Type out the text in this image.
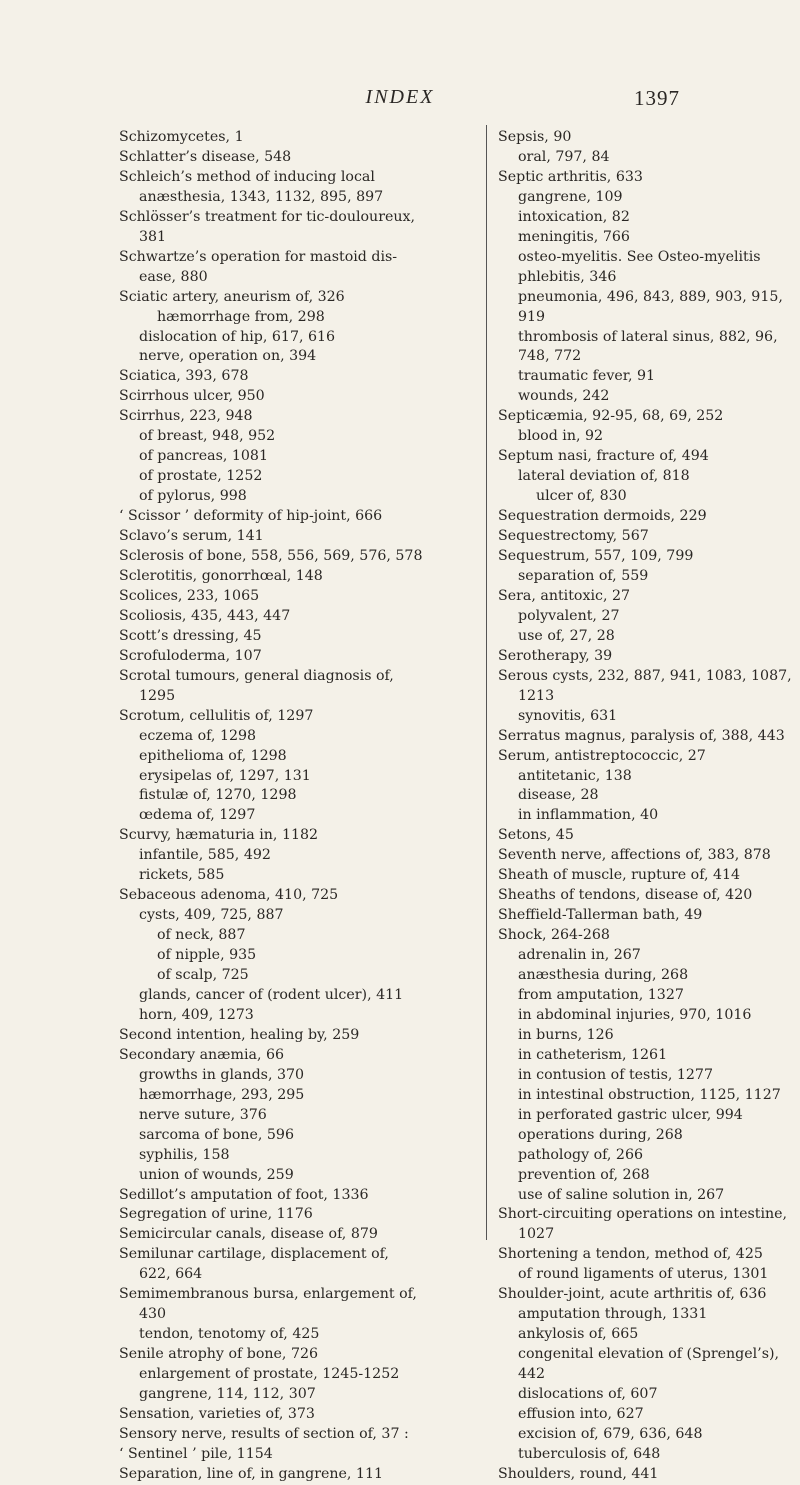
INDEX	1397
Schizomycetes, 1
Schlatter’s disease, 548
Schleich’s method of inducing local
anæsthesia, 1343, 1132, 895, 897
Schlösser’s treatment for tic-douloureux,
381
Schwartze’s operation for mastoid dis-
ease, 880
Sciatic artery, aneurism of, 326
hæmorrhage from, 298
dislocation of hip, 617, 616
nerve, operation on, 394
Sciatica, 393, 678
Scirrhous ulcer, 950
Scirrhus, 223, 948
of breast, 948, 952
of pancreas, 1081
of prostate, 1252
of pylorus, 998
‘ Scissor ’ deformity of hip-joint, 666
Sclavo’s serum, 141
Sclerosis of bone, 558, 556, 569, 576, 578
Sclerotitis, gonorrhœal, 148
Scolices, 233, 1065
Scoliosis, 435, 443, 447
Scott’s dressing, 45
Scrofuloderma, 107
Scrotal tumours, general diagnosis of,
1295
Scrotum, cellulitis of, 1297
eczema of, 1298
epithelioma of, 1298
erysipelas of, 1297, 131
fistulæ of, 1270, 1298
œdema of, 1297
Scurvy, hæmaturia in, 1182
infantile, 585, 492
rickets, 585
Sebaceous adenoma, 410, 725
cysts, 409, 725, 887
of neck, 887
of nipple, 935
of scalp, 725
glands, cancer of (rodent ulcer), 411
horn, 409, 1273
Second intention, healing by, 259
Secondary anæmia, 66
growths in glands, 370
hæmorrhage, 293, 295
nerve suture, 376
sarcoma of bone, 596
syphilis, 158
union of wounds, 259
Sedillot’s amputation of foot, 1336
Segregation of urine, 1176
Semicircular canals, disease of, 879
Semilunar cartilage, displacement of,
622, 664
Semimembranous bursa, enlargement of,
430
tendon, tenotomy of, 425
Senile atrophy of bone, 726
enlargement of prostate, 1245-1252
gangrene, 114, 112, 307
Sensation, varieties of, 373
Sensory nerve, results of section of, 37 :
‘ Sentinel ’ pile, 1154
Separation, line of, in gangrene, 111
Sepsis, 90
oral, 797, 84
Septic arthritis, 633
gangrene, 109
intoxication, 82
meningitis, 766
osteo-myelitis. See Osteo-myelitis
phlebitis, 346
pneumonia, 496, 843, 889, 903, 915,
919
thrombosis of lateral sinus, 882, 96,
748, 772
traumatic fever, 91
wounds, 242
Septicæmia, 92-95, 68, 69, 252
blood in, 92
Septum nasi, fracture of, 494
lateral deviation of, 818
ulcer of, 830
Sequestration dermoids, 229
Sequestrectomy, 567
Sequestrum, 557, 109, 799
separation of, 559
Sera, antitoxic, 27
polyvalent, 27
use of, 27, 28
Serotherapy, 39
Serous cysts, 232, 887, 941, 1083, 1087,
1213
synovitis, 631
Serratus magnus, paralysis of, 388, 443
Serum, antistreptococcic, 27
antitetanic, 138
disease, 28
in inflammation, 40
Setons, 45
Seventh nerve, affections of, 383, 878
Sheath of muscle, rupture of, 414
Sheaths of tendons, disease of, 420
Sheffield-Tallerman bath, 49
Shock, 264-268
adrenalin in, 267
anæsthesia during, 268
from amputation, 1327
in abdominal injuries, 970, 1016
in burns, 126
in catheterism, 1261
in contusion of testis, 1277
in intestinal obstruction, 1125, 1127
in perforated gastric ulcer, 994
operations during, 268
pathology of, 266
prevention of, 268
use of saline solution in, 267
Short-circuiting operations on intestine,
1027
Shortening a tendon, method of, 425
of round ligaments of uterus, 1301
Shoulder-joint, acute arthritis of, 636
amputation through, 1331
ankylosis of, 665
congenital elevation of (Sprengel’s),
442
dislocations of, 607
effusion into, 627
excision of, 679, 636, 648
tuberculosis of, 648
Shoulders, round, 441
